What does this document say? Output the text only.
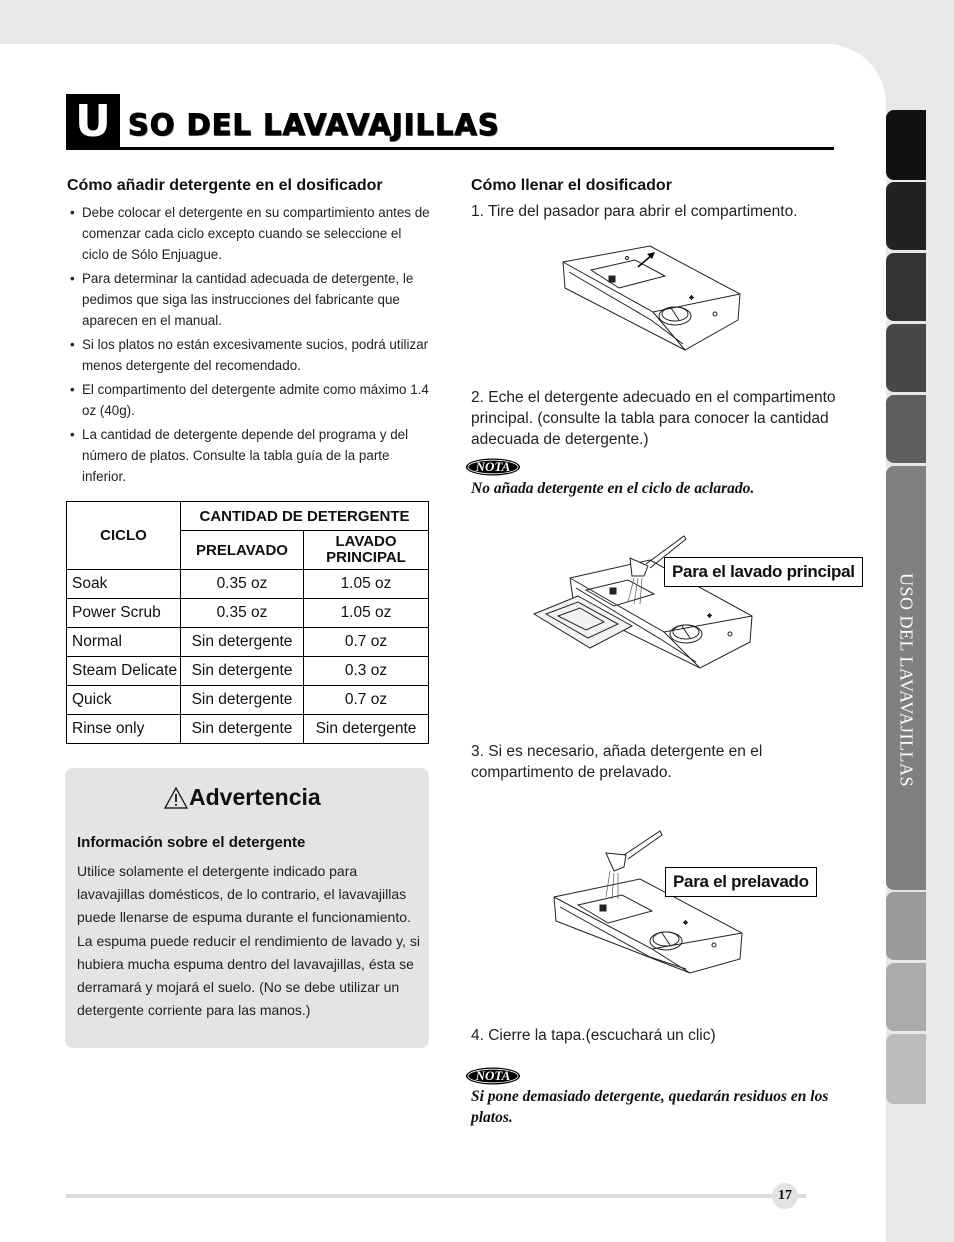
USO DEL LAVAVAJILLAS
U SO DEL LAVAVAJILLAS
Cómo añadir detergente en el dosificador
• Debe colocar el detergente en su compartimiento antes de comenzar cada ciclo excepto cuando se seleccione el ciclo de Sólo Enjuague.
• Para determinar la cantidad adecuada de detergente, le pedimos que siga las instrucciones del fabricante que aparecen en el manual.
• Si los platos no están excesivamente sucios, podrá utilizar menos detergente del recomendado.
• El compartimento del detergente admite como máximo 1.4 oz (40g).
• La cantidad de detergente depende del programa y del número de platos. Consulte la tabla guía de la parte inferior.
CICLO	CANTIDAD DE DETERGENTE	
	PRELAVADO	LAVADO PRINCIPAL
Soak	0.35 oz	1.05 oz
Power Scrub	0.35 oz	1.05 oz
Normal	Sin detergente	0.7 oz
Steam Delicate	Sin detergente	0.3 oz
Quick	Sin detergente	0.7 oz
Rinse only	Sin detergente	Sin detergente
Advertencia
Información sobre el detergente
Utilice solamente el detergente indicado para lavavajillas domésticos, de lo contrario, el lavavajillas puede llenarse de espuma durante el funcionamiento. La espuma puede reducir el rendimiento de lavado y, si hubiera mucha espuma dentro del lavavajillas, ésta se derramará y mojará el suelo. (No se debe utilizar un detergente corriente para las manos.)
Cómo llenar el dosificador
1. Tire del pasador para abrir el compartimento.
2. Eche el detergente adecuado en el compartimento principal. (consulte la tabla para conocer la cantidad adecuada de detergente.)
NOTA
No añada detergente en el ciclo de aclarado.
Para el lavado principal
3. Si es necesario, añada detergente en el compartimento de prelavado.
Para el prelavado
4. Cierre la tapa.(escuchará un clic)
NOTA
Si pone demasiado detergente, quedarán residuos en los platos.
17
